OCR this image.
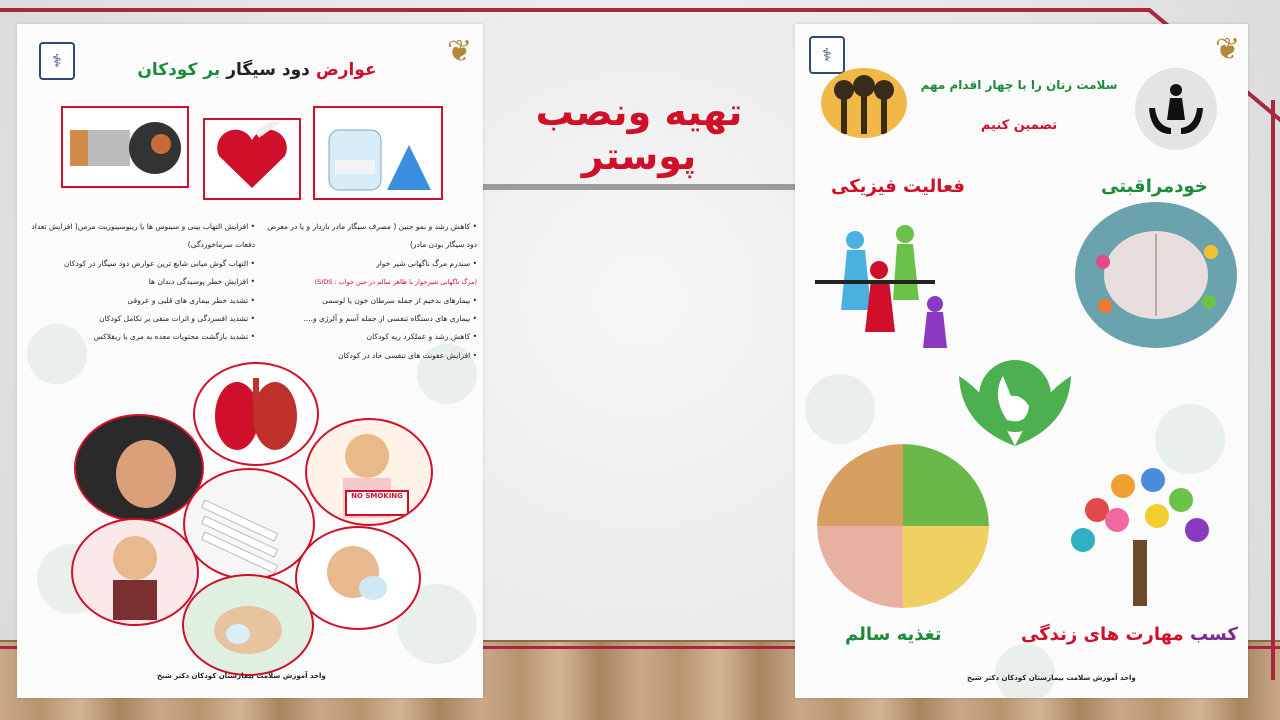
تهیه ونصب پوستر
⚕	❦
عوارض دود سیگار بر کودکان
• افزایش التهاب بینی و سینوس ها یا رینوسینوزیت مزمن( افزایش تعداد دفعات سرماخوردگی)
• التهاب گوش میانی شایع ترین عوارض دود سیگار در کودکان
• افزایش خطر پوسیدگی دندان ها
• تشدید خطر بیماری های قلبی و عروقی
• تشدید افسردگی و اثرات منفی بر تکامل کودکان
• تشدید بازگشت محتویات معده به مری یا ریفلاکس
• کاهش رشد و نمو جنین ( مصرف سیگار مادر باردار و یا در معرض دود سیگار بودن مادر)
• سندرم مرگ ناگهانی شیر خوار
(مرگ ناگهانی شیرخوار با ظاهر سالم در حین خواب : SIDS)
• بیمارهای بدخیم از جمله سرطان خون یا لوسمی
• بیماری های دستگاه تنفسی از جمله آسم و آلرژی و....
• کاهش رشد و عملکرد ریه کودکان
• افزایش عفونت های تنفسی حاد در کودکان
NO SMOKING
واحد آموزش سلامت بیمارستان کودکان دکتر شیخ
⚕	❦
سلامت زنان را با چهار اقدام مهم
تضمین کنیم
خودمراقبتی
فعالیت فیزیکی
تغذیه سالم	کسب مهارت های زندگی
واحد آموزش سلامت بیمارستان کودکان دکتر شیخ
